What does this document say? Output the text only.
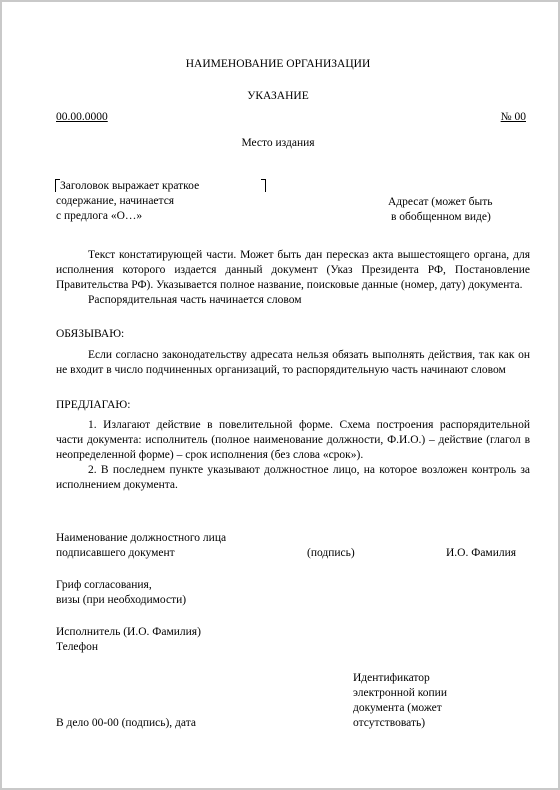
НАИМЕНОВАНИЕ ОРГАНИЗАЦИИ
УКАЗАНИЕ
00.00.0000	№ 00
Место издания
Заголовок выражает краткое
содержание, начинается
с предлога «О…»
Адресат (может быть
в обобщенном виде)

Текст констатирующей части. Может быть дан пересказ акта вышестоящего органа, для исполнения которого издается данный документ (Указ Президента РФ, Постановление Правительства РФ). Указывается полное название, поисковые данные (номер, дату) документа.

Распорядительная часть начинается словом

ОБЯЗЫВАЮ:

Если согласно законодательству адресата нельзя обязать выполнять действия, так как он не входит в число подчиненных организаций, то распорядительную часть начинают словом

ПРЕДЛАГАЮ:

1. Излагают действие в повелительной форме. Схема построения распорядительной части документа: исполнитель (полное наименование должности, Ф.И.О.) – действие (глагол в неопределенной форме) – срок исполнения (без слова «срок»).

2. В последнем пункте указывают должностное лицо, на которое возложен контроль за исполнением документа.

Наименование должностного лица
подписавшего документ	(подпись)	И.О. Фамилия
Гриф согласования,
визы (при необходимости)
Исполнитель (И.О. Фамилия)
Телефон
Идентификатор
электронной копии
документа (может
отсутствовать)
В дело 00-00 (подпись), дата
